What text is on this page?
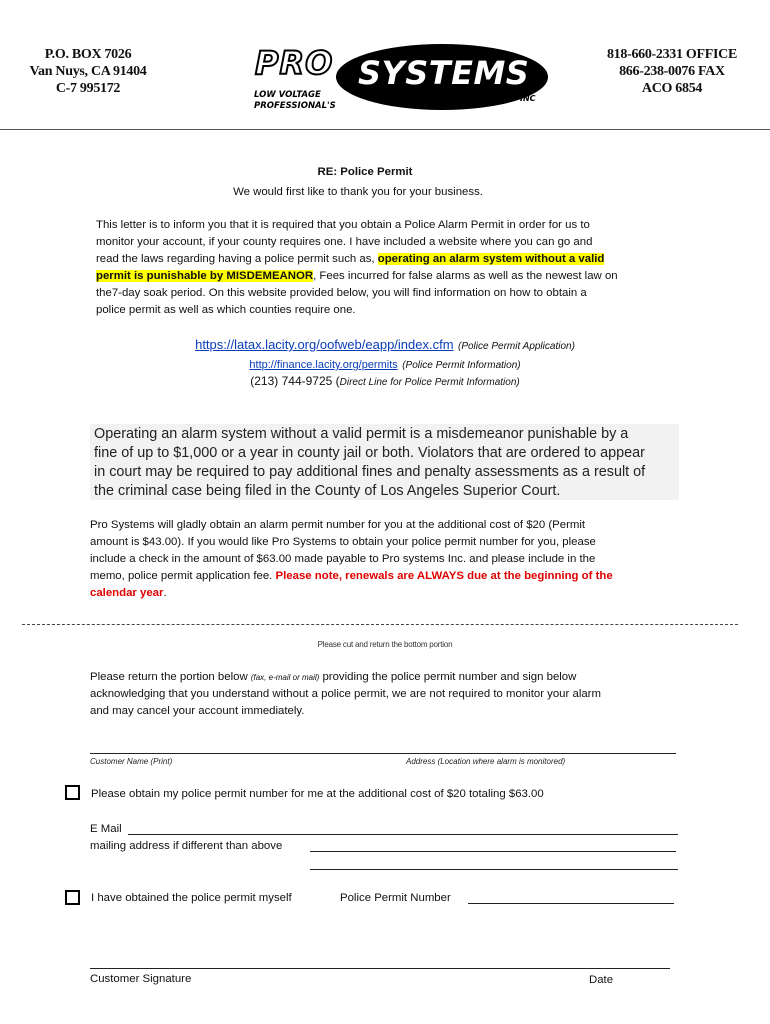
P.O. BOX 7026
Van Nuys, CA 91404
C-7 995172
PRO SYSTEMS
LOW VOLTAGE
PROFESSIONAL'S
INC
818-660-2331 OFFICE
866-238-0076 FAX
ACO 6854
RE: Police Permit
We would first like to thank you for your business.
This letter is to inform you that it is required that you obtain a Police Alarm Permit in order for us to
monitor your account, if your county requires one. I have included a website where you can go and
read the laws regarding having a police permit such as, operating an alarm system without a valid
permit is punishable by MISDEMEANOR, Fees incurred for false alarms as well as the newest law on
the7-day soak period. On this website provided below, you will find information on how to obtain a
police permit as well as which counties require one.
https://latax.lacity.org/oofweb/eapp/index.cfm (Police Permit Application)
http://finance.lacity.org/permits (Police Permit Information)
(213) 744-9725 (Direct Line for Police Permit Information)
Operating an alarm system without a valid permit is a misdemeanor punishable by a
fine of up to $1,000 or a year in county jail or both. Violators that are ordered to appear
in court may be required to pay additional fines and penalty assessments as a result of
the criminal case being filed in the County of Los Angeles Superior Court.
Pro Systems will gladly obtain an alarm permit number for you at the additional cost of $20 (Permit
amount is $43.00). If you would like Pro Systems to obtain your police permit number for you, please
include a check in the amount of $63.00 made payable to Pro systems Inc. and please include in the
memo, police permit application fee. Please note, renewals are ALWAYS due at the beginning of the
calendar year.
Please cut and return the bottom portion
Please return the portion below (fax, e-mail or mail) providing the police permit number and sign below
acknowledging that you understand without a police permit, we are not required to monitor your alarm
and may cancel your account immediately.
Customer Name (Print)	Address (Location where alarm is monitored)
Please obtain my police permit number for me at the additional cost of $20 totaling $63.00
E Mail
mailing address if different than above
I have obtained the police permit myself	Police Permit Number
Customer Signature	Date
